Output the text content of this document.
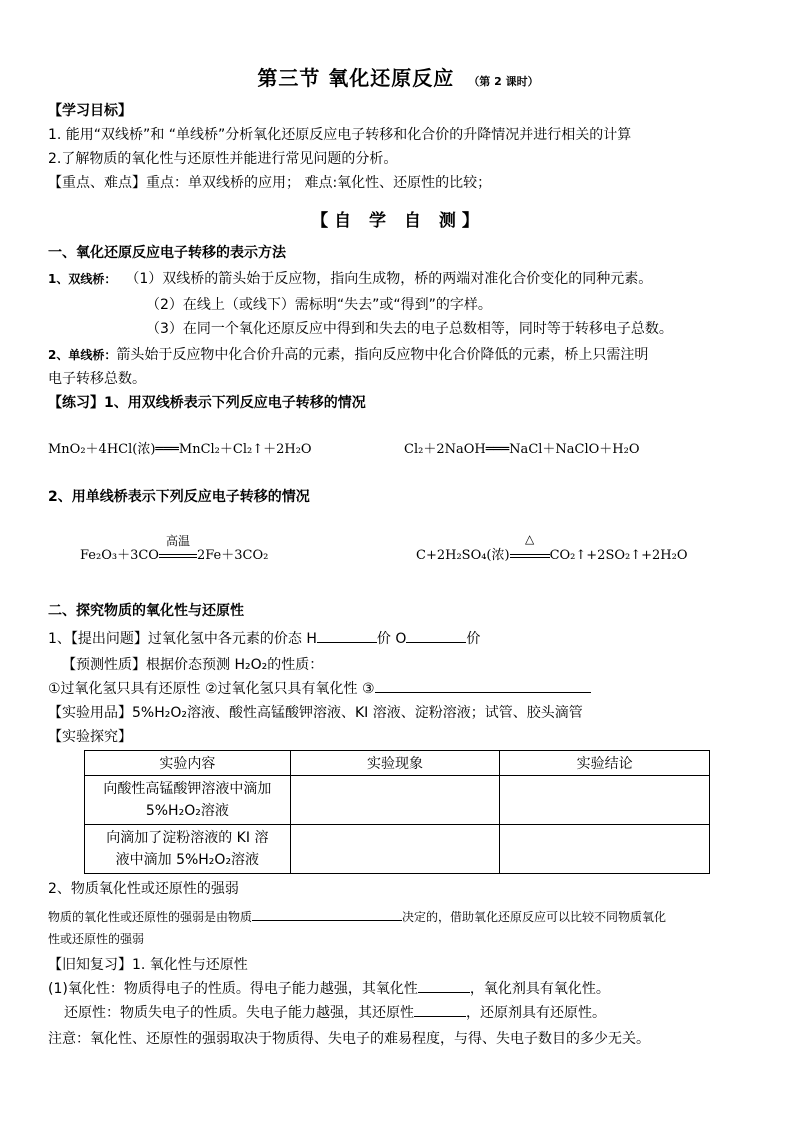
第三节 氧化还原反应 （第 2 课时）
【学习目标】
1. 能用“双线桥”和 “单线桥”分析氧化还原反应电子转移和化合价的升降情况并进行相关的计算
2.了解物质的氧化性与还原性并能进行常见问题的分析。
【重点、难点】重点：单双线桥的应用； 难点:氧化性、还原性的比较；
【自 学 自 测】
一、氧化还原反应电子转移的表示方法
1、双线桥： （1）双线桥的箭头始于反应物，指向生成物，桥的两端对准化合价变化的同种元素。
（2）在线上（或线下）需标明“失去”或“得到”的字样。
（3）在同一个氧化还原反应中得到和失去的电子总数相等，同时等于转移电子总数。
2、单线桥：箭头始于反应物中化合价升高的元素，指向反应物中化合价降低的元素，桥上只需注明
电子转移总数。
【练习】1、用双线桥表示下列反应电子转移的情况
MnO₂＋4HCl(浓)═══MnCl₂＋Cl₂↑＋2H₂O	Cl₂＋2NaOH═══NaCl＋NaClO＋H₂O
2、用单线桥表示下列反应电子转移的情况
Fe₂O₃＋3CO
高温
2Fe＋3CO₂	C+2H₂SO₄(浓)
△
CO₂↑+2SO₂↑+2H₂O
二、探究物质的氧化性与还原性
1、【提出问题】过氧化氢中各元素的价态 H	价 O	价
【预测性质】根据价态预测 H₂O₂的性质：
①过氧化氢只具有还原性 ②过氧化氢只具有氧化性 ③
【实验用品】5%H₂O₂溶液、酸性高锰酸钾溶液、KI 溶液、淀粉溶液；试管、胶头滴管
【实验探究】
实验内容	实验现象	实验结论
向酸性高锰酸钾溶液中滴加
5%H₂O₂溶液		
向滴加了淀粉溶液的 KI 溶
液中滴加 5%H₂O₂溶液		
2、物质氧化性或还原性的强弱
物质的氧化性或还原性的强弱是由物质	决定的，借助氧化还原反应可以比较不同物质氧化
性或还原性的强弱
【旧知复习】1. 氧化性与还原性
(1)氧化性：物质得电子的性质。得电子能力越强，其氧化性	，氧化剂具有氧化性。
还原性：物质失电子的性质。失电子能力越强，其还原性	，还原剂具有还原性。
注意：氧化性、还原性的强弱取决于物质得、失电子的难易程度，与得、失电子数目的多少无关。
